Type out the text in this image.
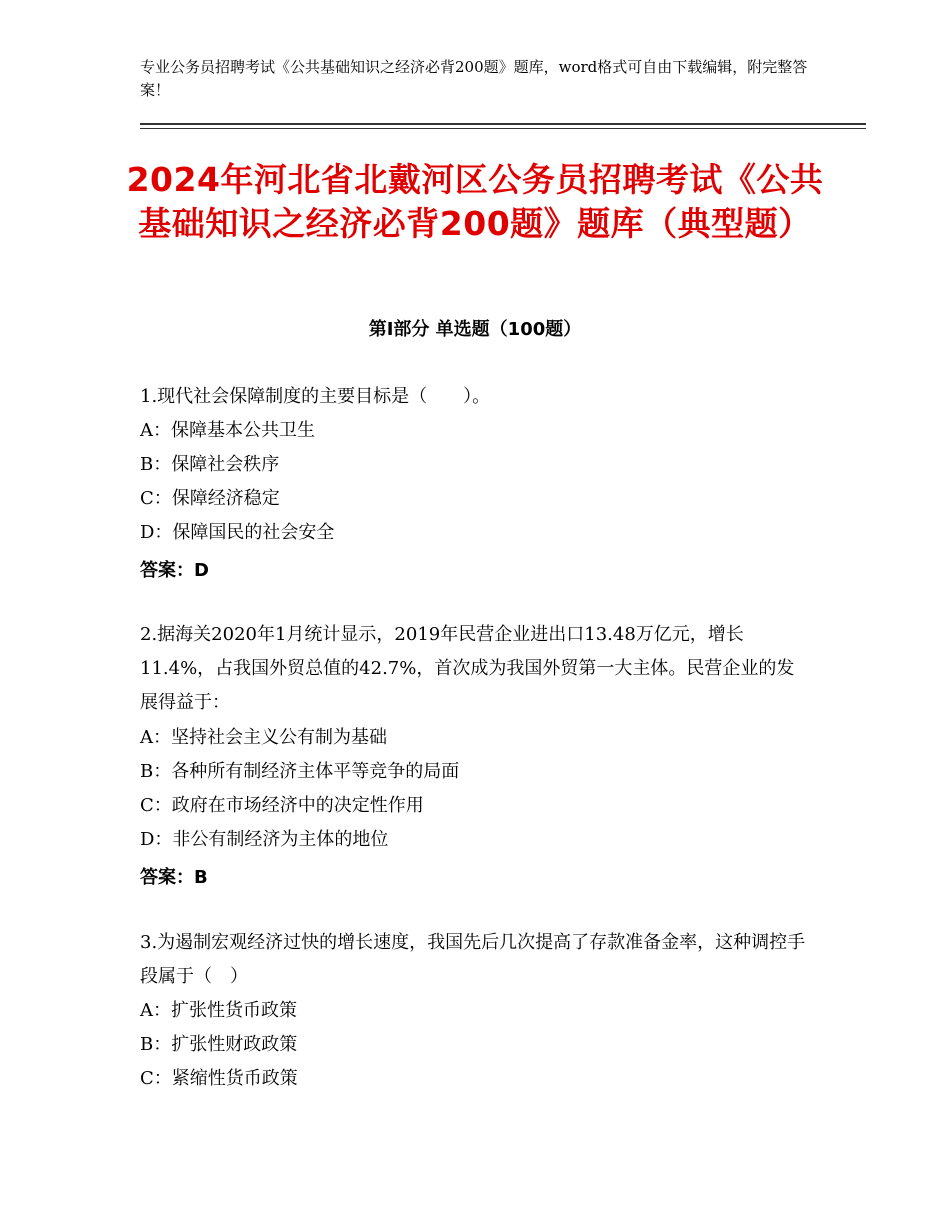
专业公务员招聘考试《公共基础知识之经济必背200题》题库，word格式可自由下载编辑，附完整答案！
2024年河北省北戴河区公务员招聘考试《公共基础知识之经济必背200题》题库（典型题）
第Ⅰ部分 单选题（100题）
1.现代社会保障制度的主要目标是（　　）。
A：保障基本公共卫生
B：保障社会秩序
C：保障经济稳定
D：保障国民的社会安全
答案：D
2.据海关2020年1月统计显示，2019年民营企业进出口13.48万亿元，增长11.4%，占我国外贸总值的42.7%，首次成为我国外贸第一大主体。民营企业的发展得益于：
A：坚持社会主义公有制为基础
B：各种所有制经济主体平等竞争的局面
C：政府在市场经济中的决定性作用
D：非公有制经济为主体的地位
答案：B
3.为遏制宏观经济过快的增长速度，我国先后几次提高了存款准备金率，这种调控手段属于（　）
A：扩张性货币政策
B：扩张性财政政策
C：紧缩性货币政策
